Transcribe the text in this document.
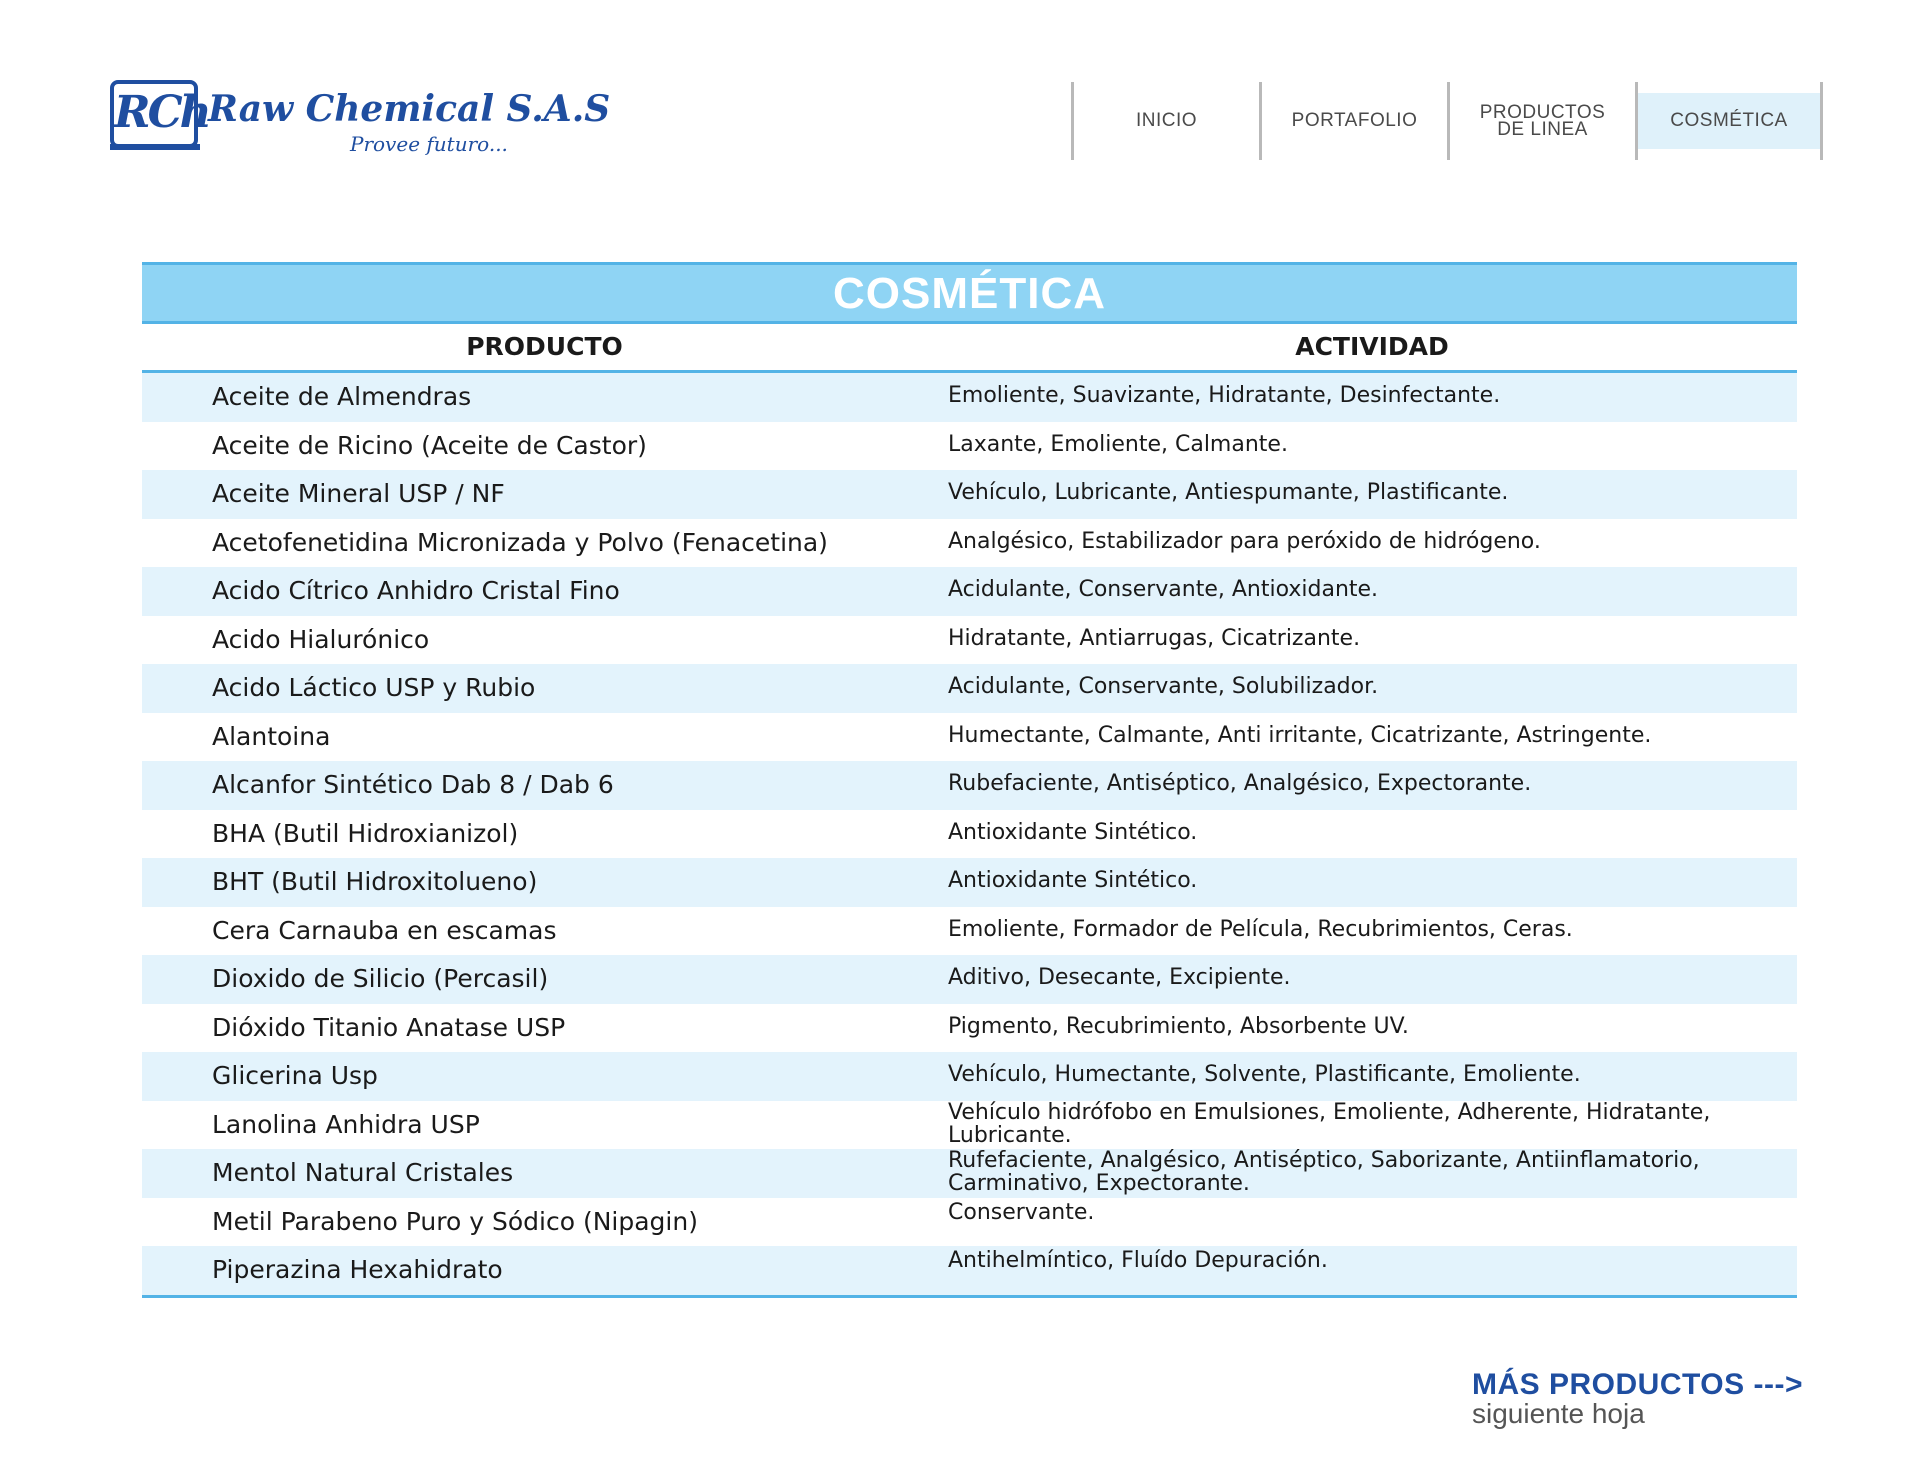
RCh Raw Chemical S.A.S
Provee futuro...
INICIO	PORTAFOLIO	PRODUCTOS
DE LINEA	COSMÉTICA
COSMÉTICA
PRODUCTO	ACTIVIDAD
Aceite de Almendras	Emoliente, Suavizante, Hidratante, Desinfectante.
Aceite de Ricino (Aceite de Castor)	Laxante, Emoliente, Calmante.
Aceite Mineral USP / NF	Vehículo, Lubricante, Antiespumante, Plastificante.
Acetofenetidina Micronizada y Polvo (Fenacetina)	Analgésico, Estabilizador para peróxido de hidrógeno.
Acido Cítrico Anhidro Cristal Fino	Acidulante, Conservante, Antioxidante.
Acido Hialurónico	Hidratante, Antiarrugas, Cicatrizante.
Acido Láctico USP y Rubio	Acidulante, Conservante, Solubilizador.
Alantoina	Humectante, Calmante, Anti irritante, Cicatrizante, Astringente.
Alcanfor Sintético Dab 8 / Dab 6	Rubefaciente, Antiséptico, Analgésico, Expectorante.
BHA (Butil Hidroxianizol)	Antioxidante Sintético.
BHT (Butil Hidroxitolueno)	Antioxidante Sintético.
Cera Carnauba en escamas	Emoliente, Formador de Película, Recubrimientos, Ceras.
Dioxido de Silicio (Percasil)	Aditivo, Desecante, Excipiente.
Dióxido Titanio Anatase USP	Pigmento, Recubrimiento, Absorbente UV.
Glicerina Usp	Vehículo, Humectante, Solvente, Plastificante, Emoliente.
Lanolina Anhidra USP	Vehículo hidrófobo en Emulsiones, Emoliente, Adherente, Hidratante, Lubricante.
Mentol Natural Cristales	Rufefaciente, Analgésico, Antiséptico, Saborizante, Antiinflamatorio, Carminativo, Expectorante.
Metil Parabeno Puro y Sódico (Nipagin)	Conservante.
Piperazina Hexahidrato	Antihelmíntico, Fluído Depuración.
MÁS PRODUCTOS --->
siguiente hoja
